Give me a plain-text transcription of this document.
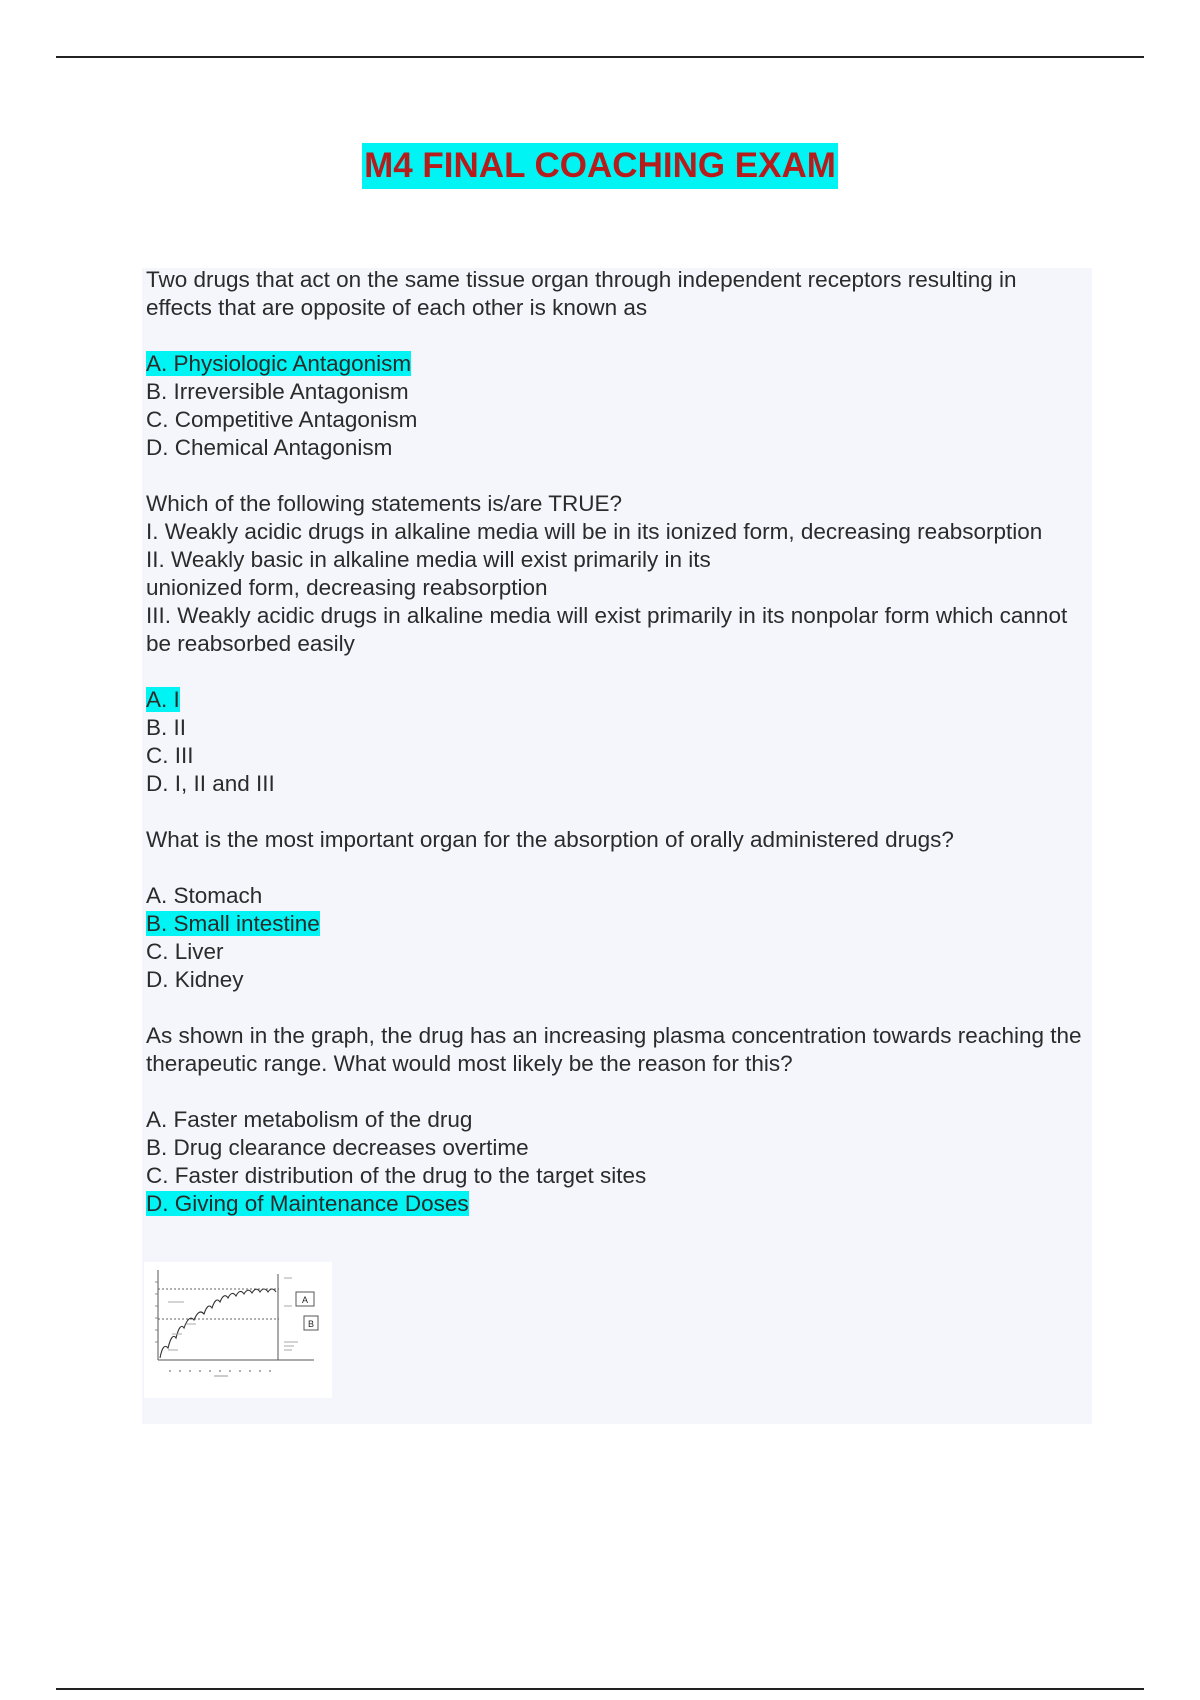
M4 FINAL COACHING EXAM

Two drugs that act on the same tissue organ through independent receptors resulting in effects that are opposite of each other is known as

A. Physiologic Antagonism
B. Irreversible Antagonism
C. Competitive Antagonism
D. Chemical Antagonism

Which of the following statements is/are TRUE?

I. Weakly acidic drugs in alkaline media will be in its ionized form, decreasing reabsorption

II. Weakly basic in alkaline media will exist primarily in its

unionized form, decreasing reabsorption

III. Weakly acidic drugs in alkaline media will exist primarily in its nonpolar form which cannot be reabsorbed easily

A. I
B. II
C. III
D. I, II and III

What is the most important organ for the absorption of orally administered drugs?

A. Stomach
B. Small intestine
C. Liver
D. Kidney

As shown in the graph, the drug has an increasing plasma concentration towards reaching the therapeutic range. What would most likely be the reason for this?

A. Faster metabolism of the drug
B. Drug clearance decreases overtime
C. Faster distribution of the drug to the target sites
D. Giving of Maintenance Doses
A
B
